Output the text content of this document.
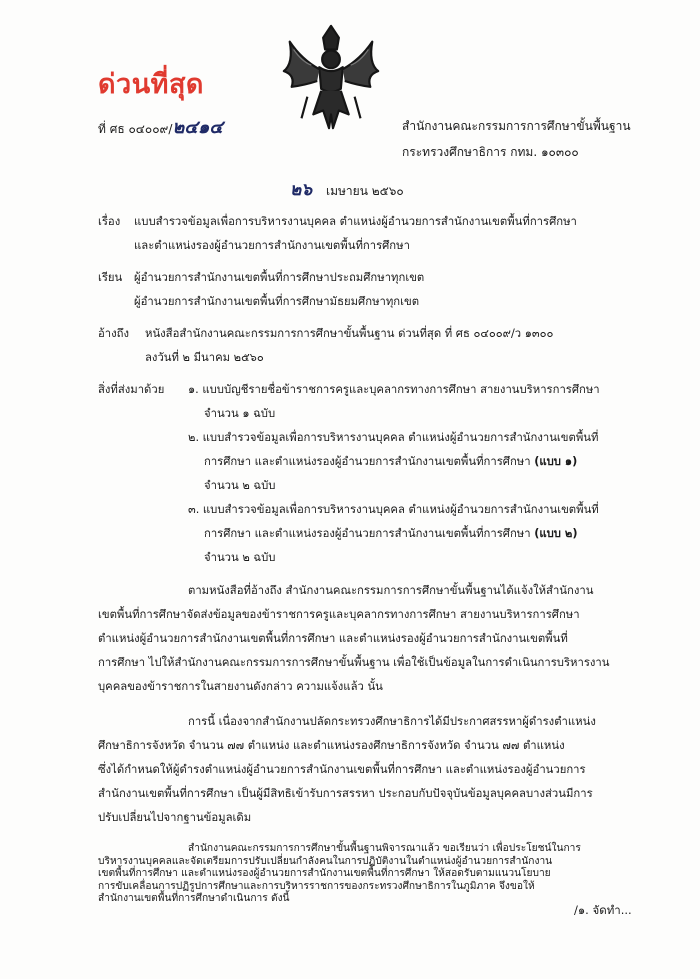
ด่วนที่สุด
ที่ ศธ ๐๔๐๐๙/๒๔๑๔	สำนักงานคณะกรรมการการศึกษาขั้นพื้นฐาน
กระทรวงศึกษาธิการ กทม. ๑๐๓๐๐
๒๖ เมษายน ๒๕๖๐
เรื่อง แบบสำรวจข้อมูลเพื่อการบริหารงานบุคคล ตำแหน่งผู้อำนวยการสำนักงานเขตพื้นที่การศึกษา
และตำแหน่งรองผู้อำนวยการสำนักงานเขตพื้นที่การศึกษา
เรียน ผู้อำนวยการสำนักงานเขตพื้นที่การศึกษาประถมศึกษาทุกเขต
ผู้อำนวยการสำนักงานเขตพื้นที่การศึกษามัธยมศึกษาทุกเขต
อ้างถึง หนังสือสำนักงานคณะกรรมการการศึกษาขั้นพื้นฐาน ด่วนที่สุด ที่ ศธ ๐๔๐๐๙/ว ๑๓๐๐
ลงวันที่ ๒ มีนาคม ๒๕๖๐
สิ่งที่ส่งมาด้วย ๑. แบบบัญชีรายชื่อข้าราชการครูและบุคลากรทางการศึกษา สายงานบริหารการศึกษา
จำนวน ๑ ฉบับ
๒. แบบสำรวจข้อมูลเพื่อการบริหารงานบุคคล ตำแหน่งผู้อำนวยการสำนักงานเขตพื้นที่
การศึกษา และตำแหน่งรองผู้อำนวยการสำนักงานเขตพื้นที่การศึกษา (แบบ ๑)
จำนวน ๒ ฉบับ
๓. แบบสำรวจข้อมูลเพื่อการบริหารงานบุคคล ตำแหน่งผู้อำนวยการสำนักงานเขตพื้นที่
การศึกษา และตำแหน่งรองผู้อำนวยการสำนักงานเขตพื้นที่การศึกษา (แบบ ๒)
จำนวน ๒ ฉบับ
ตามหนังสือที่อ้างถึง สำนักงานคณะกรรมการการศึกษาขั้นพื้นฐานได้แจ้งให้สำนักงาน
เขตพื้นที่การศึกษาจัดส่งข้อมูลของข้าราชการครูและบุคลากรทางการศึกษา สายงานบริหารการศึกษา
ตำแหน่งผู้อำนวยการสำนักงานเขตพื้นที่การศึกษา และตำแหน่งรองผู้อำนวยการสำนักงานเขตพื้นที่
การศึกษา ไปให้สำนักงานคณะกรรมการการศึกษาขั้นพื้นฐาน เพื่อใช้เป็นข้อมูลในการดำเนินการบริหารงาน
บุคคลของข้าราชการในสายงานดังกล่าว ความแจ้งแล้ว นั้น
การนี้ เนื่องจากสำนักงานปลัดกระทรวงศึกษาธิการได้มีประกาศสรรหาผู้ดำรงตำแหน่ง
ศึกษาธิการจังหวัด จำนวน ๗๗ ตำแหน่ง และตำแหน่งรองศึกษาธิการจังหวัด จำนวน ๗๗ ตำแหน่ง
ซึ่งได้กำหนดให้ผู้ดำรงตำแหน่งผู้อำนวยการสำนักงานเขตพื้นที่การศึกษา และตำแหน่งรองผู้อำนวยการ
สำนักงานเขตพื้นที่การศึกษา เป็นผู้มีสิทธิเข้ารับการสรรหา ประกอบกับปัจจุบันข้อมูลบุคคลบางส่วนมีการ
ปรับเปลี่ยนไปจากฐานข้อมูลเดิม
สำนักงานคณะกรรมการการศึกษาขั้นพื้นฐานพิจารณาแล้ว ขอเรียนว่า เพื่อประโยชน์ในการ
บริหารงานบุคคลและจัดเตรียมการปรับเปลี่ยนกำลังคนในการปฏิบัติงานในตำแหน่งผู้อำนวยการสำนักงาน
เขตพื้นที่การศึกษา และตำแหน่งรองผู้อำนวยการสำนักงานเขตพื้นที่การศึกษา ให้สอดรับตามแนวนโยบาย
การขับเคลื่อนการปฏิรูปการศึกษาและการบริหารราชการของกระทรวงศึกษาธิการในภูมิภาค จึงขอให้
สำนักงานเขตพื้นที่การศึกษาดำเนินการ ดังนี้
/๑. จัดทำ...
